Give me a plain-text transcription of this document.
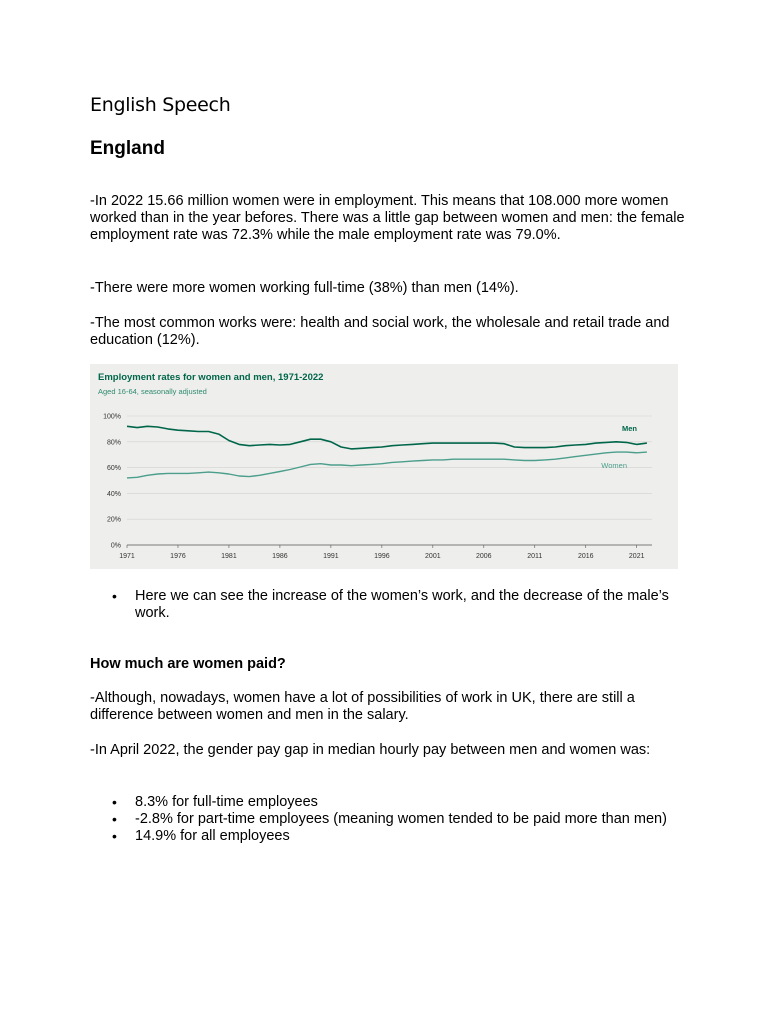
English Speech
England

-In 2022 15.66 million women were in employment. This means that 108.000 more women worked than in the year befores. There was a little gap between women and men: the female employment rate was 72.3% while the male employment rate was 79.0%.

-There were more women working full-time (38%) than men (14%).

-The most common works were: health and social work, the wholesale and retail trade and education (12%).

Employment rates for women and men, 1971-2022
Aged 16-64, seasonally adjusted
0%
20%
40%
60%
80%
100%
1971	1976	1981	1986	1991	1996	2001	2006	2011	2016	2021
Men
Women
• Here we can see the increase of the women’s work, and the decrease of the male’s work.
How much are women paid?

-Although, nowadays, women have a lot of possibilities of work in UK, there are still a difference between women and men in the salary.

-In April 2022, the gender pay gap in median hourly pay between men and women was:

• 8.3% for full-time employees
• -2.8% for part-time employees (meaning women tended to be paid more than men)
• 14.9% for all employees
